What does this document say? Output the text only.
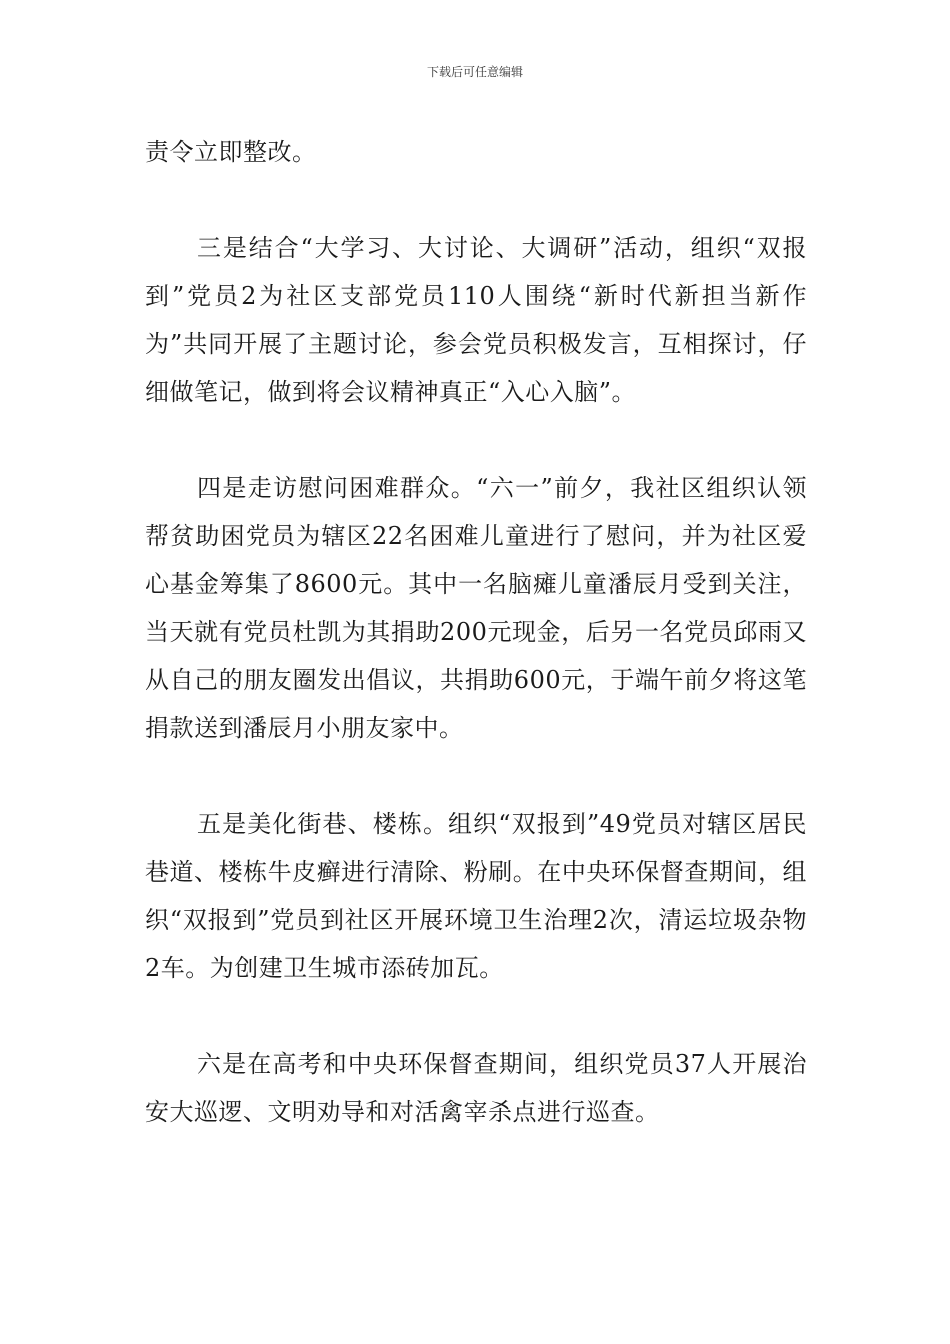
下载后可任意编辑

责令立即整改。

三是结合“大学习、大讨论、大调研”活动，组织“双报到”党员2为社区支部党员110人围绕“新时代新担当新作为”共同开展了主题讨论，参会党员积极发言，互相探讨，仔细做笔记，做到将会议精神真正“入心入脑”。

四是走访慰问困难群众。“六一”前夕，我社区组织认领帮贫助困党员为辖区22名困难儿童进行了慰问，并为社区爱心基金筹集了8600元。其中一名脑瘫儿童潘辰月受到关注，当天就有党员杜凯为其捐助200元现金，后另一名党员邱雨又从自己的朋友圈发出倡议，共捐助600元，于端午前夕将这笔捐款送到潘辰月小朋友家中。

五是美化街巷、楼栋。组织“双报到”49党员对辖区居民巷道、楼栋牛皮癣进行清除、粉刷。在中央环保督查期间，组织“双报到”党员到社区开展环境卫生治理2次，清运垃圾杂物2车。为创建卫生城市添砖加瓦。

六是在高考和中央环保督查期间，组织党员37人开展治安大巡逻、文明劝导和对活禽宰杀点进行巡查。
